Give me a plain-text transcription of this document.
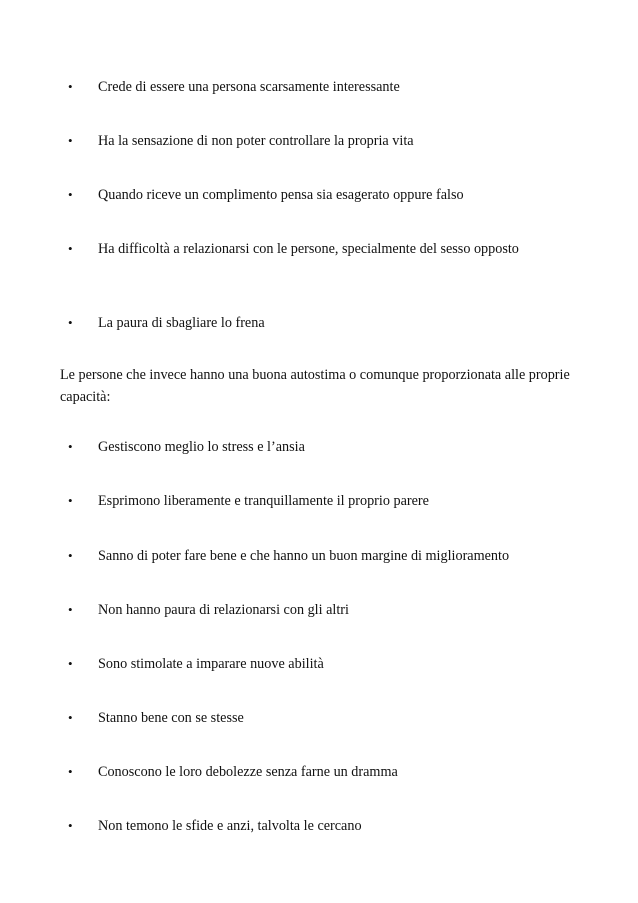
• Crede di essere una persona scarsamente interessante
• Ha la sensazione di non poter controllare la propria vita
• Quando riceve un complimento pensa sia esagerato oppure falso
• Ha difficoltà a relazionarsi con le persone, specialmente del sesso opposto
• La paura di sbagliare lo frena

Le persone che invece hanno una buona autostima o comunque proporzionata alle proprie capacità:

• Gestiscono meglio lo stress e l’ansia
• Esprimono liberamente e tranquillamente il proprio parere
• Sanno di poter fare bene e che hanno un buon margine di miglioramento
• Non hanno paura di relazionarsi con gli altri
• Sono stimolate a imparare nuove abilità
• Stanno bene con se stesse
• Conoscono le loro debolezze senza farne un dramma
• Non temono le sfide e anzi, talvolta le cercano
